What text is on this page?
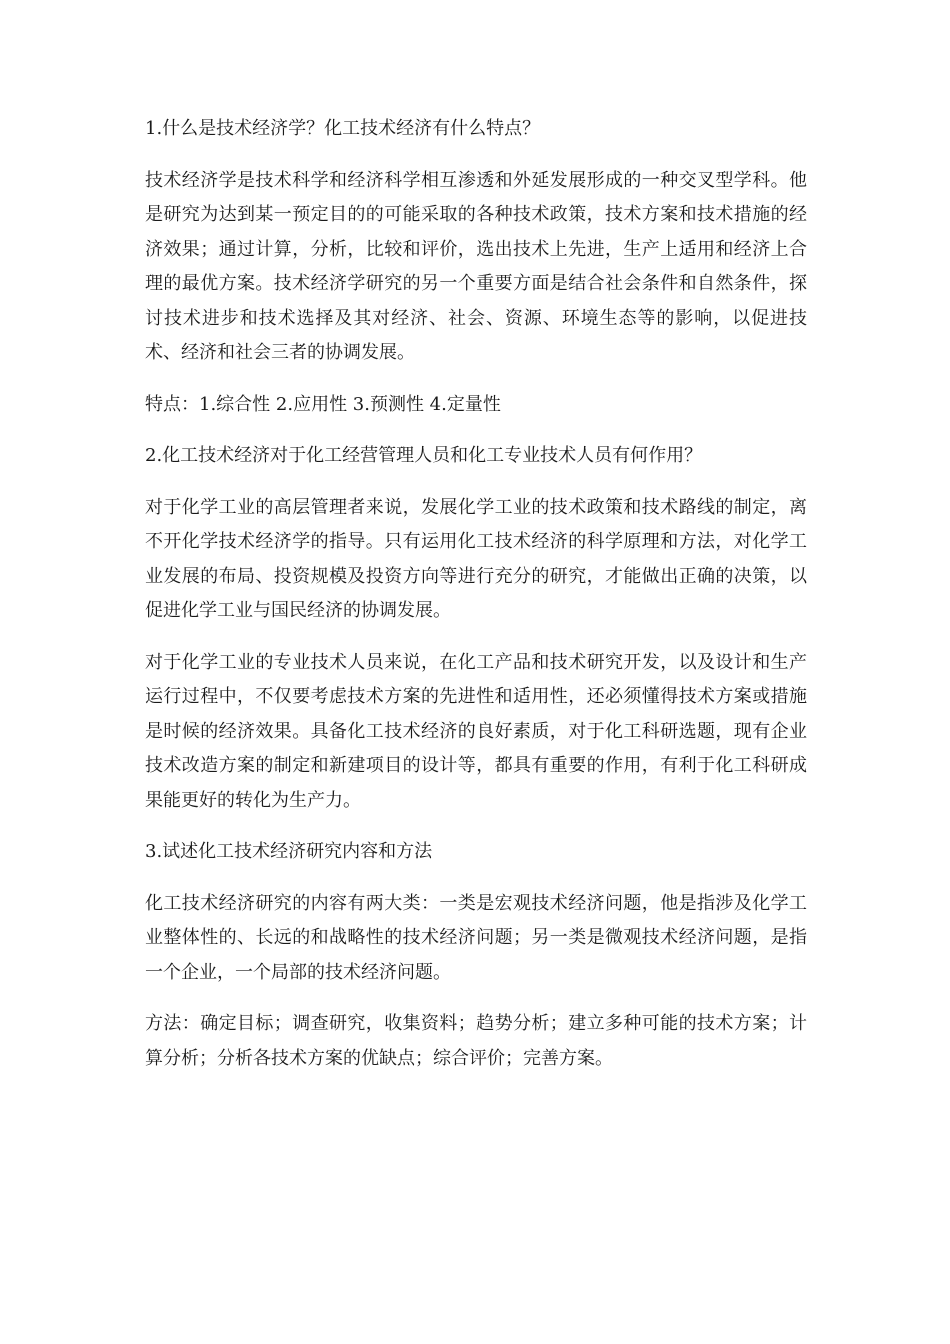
1.什么是技术经济学？化工技术经济有什么特点？

技术经济学是技术科学和经济科学相互渗透和外延发展形成的一种交叉型学科。他是研究为达到某一预定目的的可能采取的各种技术政策，技术方案和技术措施的经济效果；通过计算，分析，比较和评价，选出技术上先进，生产上适用和经济上合理的最优方案。技术经济学研究的另一个重要方面是结合社会条件和自然条件，探讨技术进步和技术选择及其对经济、社会、资源、环境生态等的影响，以促进技术、经济和社会三者的协调发展。

特点：1.综合性 2.应用性 3.预测性 4.定量性

2.化工技术经济对于化工经营管理人员和化工专业技术人员有何作用？

对于化学工业的高层管理者来说，发展化学工业的技术政策和技术路线的制定，离不开化学技术经济学的指导。只有运用化工技术经济的科学原理和方法，对化学工业发展的布局、投资规模及投资方向等进行充分的研究，才能做出正确的决策，以促进化学工业与国民经济的协调发展。

对于化学工业的专业技术人员来说，在化工产品和技术研究开发，以及设计和生产运行过程中，不仅要考虑技术方案的先进性和适用性，还必须懂得技术方案或措施是时候的经济效果。具备化工技术经济的良好素质，对于化工科研选题，现有企业技术改造方案的制定和新建项目的设计等，都具有重要的作用，有利于化工科研成果能更好的转化为生产力。

3.试述化工技术经济研究内容和方法

化工技术经济研究的内容有两大类：一类是宏观技术经济问题，他是指涉及化学工业整体性的、长远的和战略性的技术经济问题；另一类是微观技术经济问题，是指一个企业，一个局部的技术经济问题。

方法：确定目标；调查研究，收集资料；趋势分析；建立多种可能的技术方案；计算分析；分析各技术方案的优缺点；综合评价；完善方案。
